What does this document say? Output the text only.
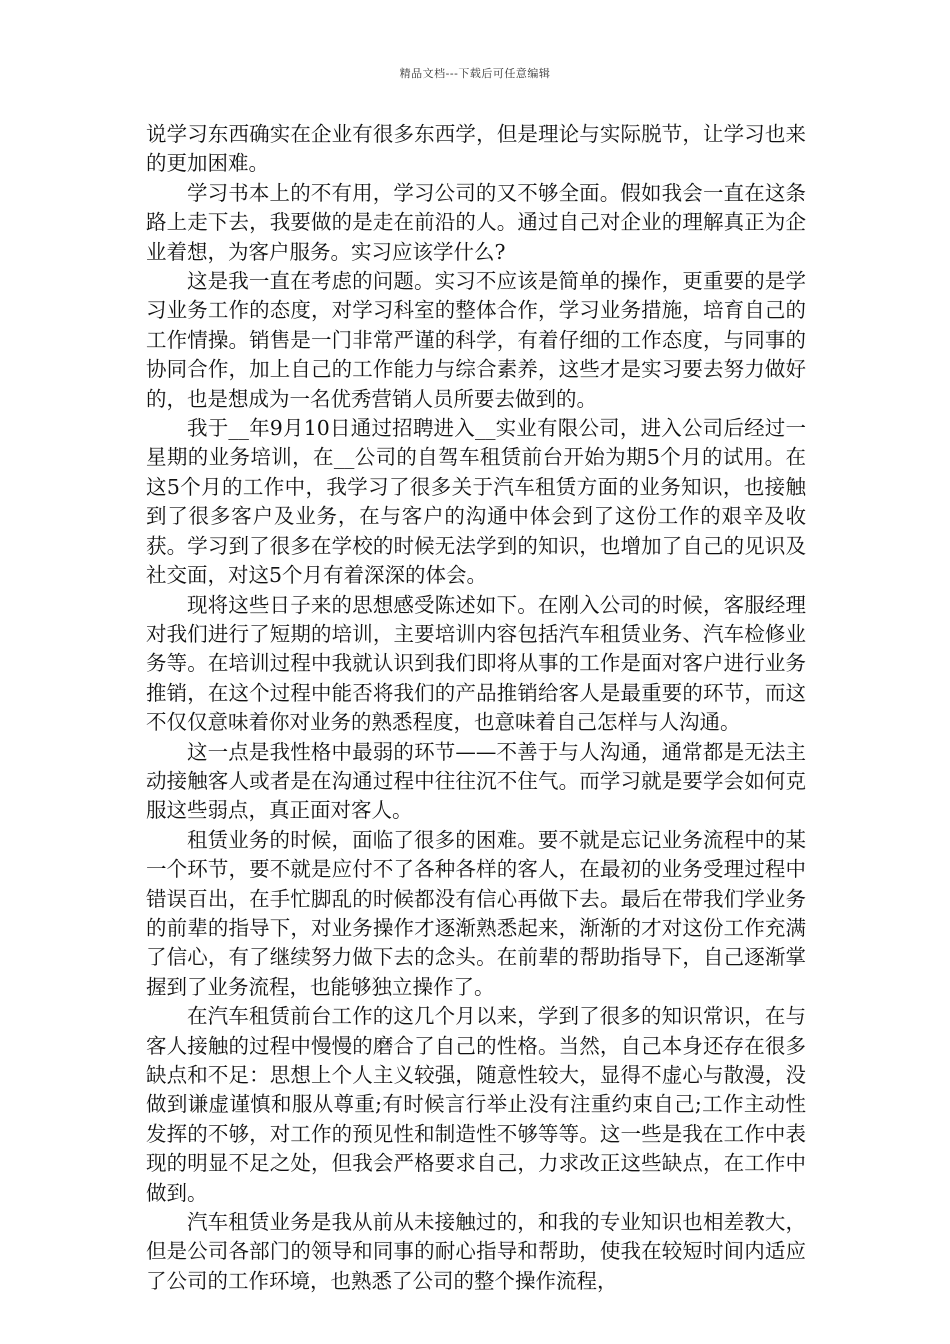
精品文档---下载后可任意编辑

说学习东西确实在企业有很多东西学，但是理论与实际脱节，让学习也来的更加困难。

学习书本上的不有用，学习公司的又不够全面。假如我会一直在这条路上走下去，我要做的是走在前沿的人。通过自己对企业的理解真正为企业着想，为客户服务。实习应该学什么?

这是我一直在考虑的问题。实习不应该是简单的操作，更重要的是学习业务工作的态度，对学习科室的整体合作，学习业务措施，培育自己的工作情操。销售是一门非常严谨的科学，有着仔细的工作态度，与同事的协同合作，加上自己的工作能力与综合素养，这些才是实习要去努力做好的，也是想成为一名优秀营销人员所要去做到的。

我于__年9月10日通过招聘进入__实业有限公司，进入公司后经过一星期的业务培训，在__公司的自驾车租赁前台开始为期5个月的试用。在这5个月的工作中，我学习了很多关于汽车租赁方面的业务知识，也接触到了很多客户及业务，在与客户的沟通中体会到了这份工作的艰辛及收获。学习到了很多在学校的时候无法学到的知识，也增加了自己的见识及社交面，对这5个月有着深深的体会。

现将这些日子来的思想感受陈述如下。在刚入公司的时候，客服经理对我们进行了短期的培训，主要培训内容包括汽车租赁业务、汽车检修业务等。在培训过程中我就认识到我们即将从事的工作是面对客户进行业务推销，在这个过程中能否将我们的产品推销给客人是最重要的环节，而这不仅仅意味着你对业务的熟悉程度，也意味着自己怎样与人沟通。

这一点是我性格中最弱的环节——不善于与人沟通，通常都是无法主动接触客人或者是在沟通过程中往往沉不住气。而学习就是要学会如何克服这些弱点，真正面对客人。

租赁业务的时候，面临了很多的困难。要不就是忘记业务流程中的某一个环节，要不就是应付不了各种各样的客人，在最初的业务受理过程中错误百出，在手忙脚乱的时候都没有信心再做下去。最后在带我们学业务的前辈的指导下，对业务操作才逐渐熟悉起来，渐渐的才对这份工作充满了信心，有了继续努力做下去的念头。在前辈的帮助指导下，自己逐渐掌握到了业务流程，也能够独立操作了。

在汽车租赁前台工作的这几个月以来，学到了很多的知识常识，在与客人接触的过程中慢慢的磨合了自己的性格。当然，自己本身还存在很多缺点和不足：思想上个人主义较强，随意性较大，显得不虚心与散漫，没做到谦虚谨慎和服从尊重;有时候言行举止没有注重约束自己;工作主动性发挥的不够，对工作的预见性和制造性不够等等。这一些是我在工作中表现的明显不足之处，但我会严格要求自己，力求改正这些缺点，在工作中做到。

汽车租赁业务是我从前从未接触过的，和我的专业知识也相差教大，但是公司各部门的领导和同事的耐心指导和帮助，使我在较短时间内适应了公司的工作环境，也熟悉了公司的整个操作流程，
